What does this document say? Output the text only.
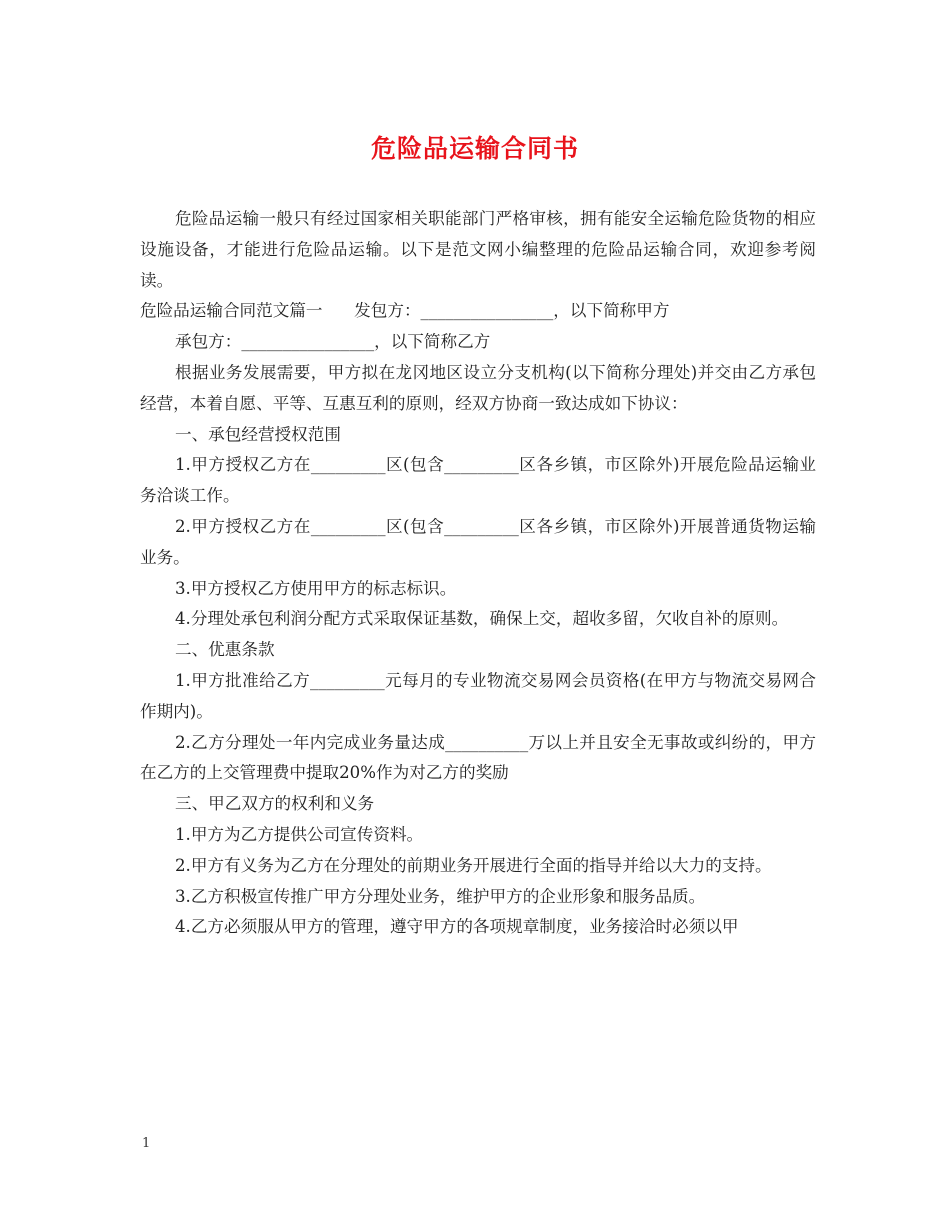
危险品运输合同书

危险品运输一般只有经过国家相关职能部门严格审核，拥有能安全运输危险货物的相应设施设备，才能进行危险品运输。以下是范文网小编整理的危险品运输合同，欢迎参考阅读。

危险品运输合同范文篇一      发包方：________________，以下简称甲方

承包方：________________，以下简称乙方

根据业务发展需要，甲方拟在龙冈地区设立分支机构(以下简称分理处)并交由乙方承包经营，本着自愿、平等、互惠互利的原则，经双方协商一致达成如下协议：

一、承包经营授权范围

1.甲方授权乙方在_________区(包含_________区各乡镇，市区除外)开展危险品运输业务洽谈工作。

2.甲方授权乙方在_________区(包含_________区各乡镇，市区除外)开展普通货物运输业务。

3.甲方授权乙方使用甲方的标志标识。

4.分理处承包利润分配方式采取保证基数，确保上交，超收多留，欠收自补的原则。

二、优惠条款

1.甲方批准给乙方_________元每月的专业物流交易网会员资格(在甲方与物流交易网合作期内)。

2.乙方分理处一年内完成业务量达成__________万以上并且安全无事故或纠纷的，甲方在乙方的上交管理费中提取20%作为对乙方的奖励

三、甲乙双方的权利和义务

1.甲方为乙方提供公司宣传资料。

2.甲方有义务为乙方在分理处的前期业务开展进行全面的指导并给以大力的支持。

3.乙方积极宣传推广甲方分理处业务，维护甲方的企业形象和服务品质。

4.乙方必须服从甲方的管理，遵守甲方的各项规章制度，业务接洽时必须以甲

1
